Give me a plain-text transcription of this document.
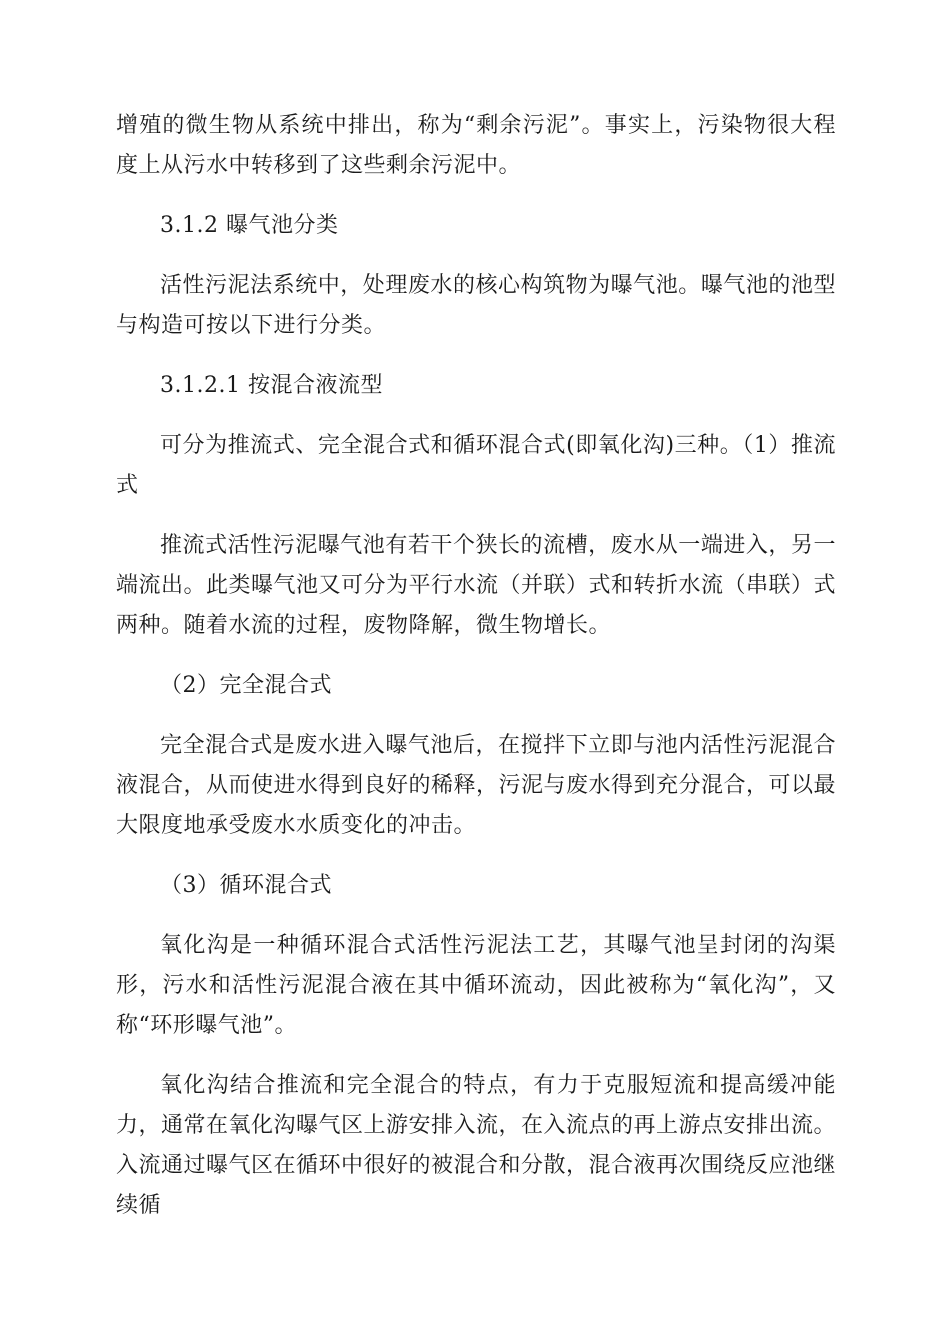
增殖的微生物从系统中排出，称为“剩余污泥”。事实上，污染物很大程度上从污水中转移到了这些剩余污泥中。

3.1.2 曝气池分类

活性污泥法系统中，处理废水的核心构筑物为曝气池。曝气池的池型与构造可按以下进行分类。

3.1.2.1 按混合液流型

可分为推流式、完全混合式和循环混合式(即氧化沟)三种。（1）推流式

推流式活性污泥曝气池有若干个狭长的流槽，废水从一端进入，另一端流出。此类曝气池又可分为平行水流（并联）式和转折水流（串联）式两种。随着水流的过程，废物降解，微生物增长。

（2）完全混合式

完全混合式是废水进入曝气池后，在搅拌下立即与池内活性污泥混合液混合，从而使进水得到良好的稀释，污泥与废水得到充分混合，可以最大限度地承受废水水质变化的冲击。

（3）循环混合式

氧化沟是一种循环混合式活性污泥法工艺，其曝气池呈封闭的沟渠形，污水和活性污泥混合液在其中循环流动，因此被称为“氧化沟”，又称“环形曝气池”。

氧化沟结合推流和完全混合的特点，有力于克服短流和提高缓冲能力，通常在氧化沟曝气区上游安排入流，在入流点的再上游点安排出流。入流通过曝气区在循环中很好的被混合和分散，混合液再次围绕反应池继续循
